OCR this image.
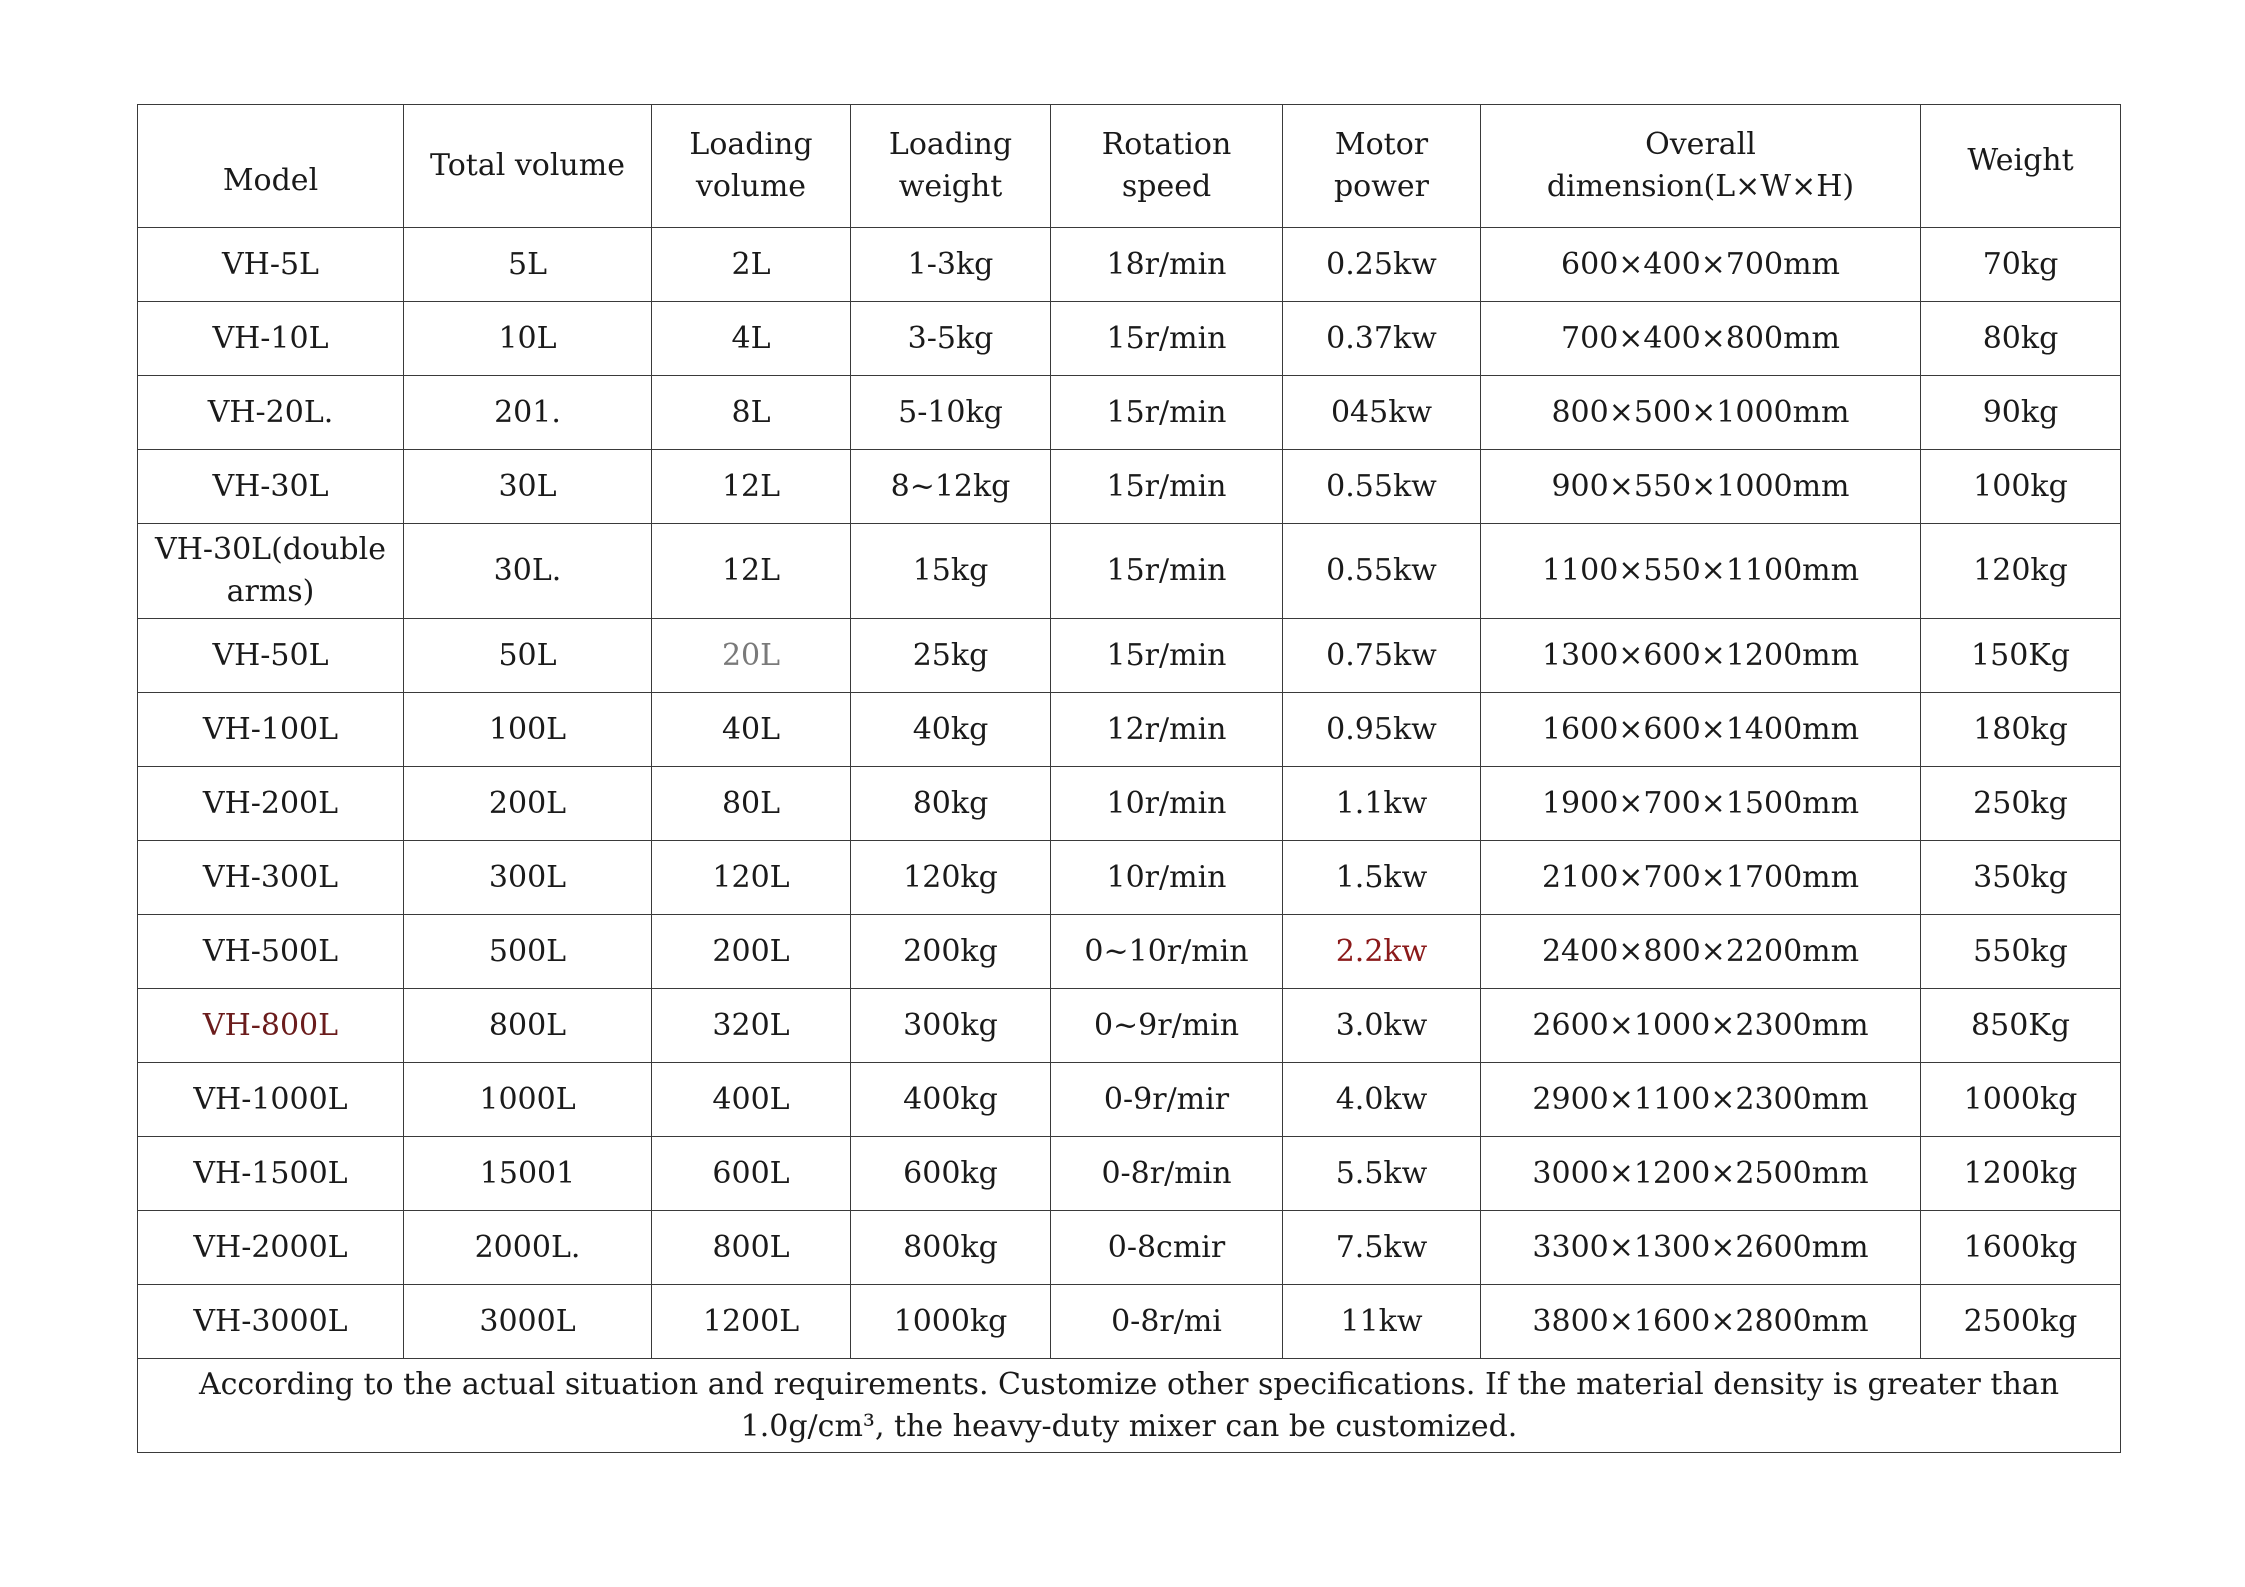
Model	Total volume	Loading volume	Loading weight	Rotation speed	Motor power	Overall dimension(L×W×H)	Weight
VH-5L	5L	2L	1-3kg	18r/min	0.25kw	600×400×700mm	70kg
VH-10L	10L	4L	3-5kg	15r/min	0.37kw	700×400×800mm	80kg
VH-20L.	201.	8L	5-10kg	15r/min	045kw	800×500×1000mm	90kg
VH-30L	30L	12L	8~12kg	15r/min	0.55kw	900×550×1000mm	100kg
VH-30L(double arms)	30L.	12L	15kg	15r/min	0.55kw	1100×550×1100mm	120kg
VH-50L	50L	20L	25kg	15r/min	0.75kw	1300×600×1200mm	150Kg
VH-100L	100L	40L	40kg	12r/min	0.95kw	1600×600×1400mm	180kg
VH-200L	200L	80L	80kg	10r/min	1.1kw	1900×700×1500mm	250kg
VH-300L	300L	120L	120kg	10r/min	1.5kw	2100×700×1700mm	350kg
VH-500L	500L	200L	200kg	0~10r/min	2.2kw	2400×800×2200mm	550kg
VH-800L	800L	320L	300kg	0~9r/min	3.0kw	2600×1000×2300mm	850Kg
VH-1000L	1000L	400L	400kg	0-9r/mir	4.0kw	2900×1100×2300mm	1000kg
VH-1500L	15001	600L	600kg	0-8r/min	5.5kw	3000×1200×2500mm	1200kg
VH-2000L	2000L.	800L	800kg	0-8cmir	7.5kw	3300×1300×2600mm	1600kg
VH-3000L	3000L	1200L	1000kg	0-8r/mi	11kw	3800×1600×2800mm	2500kg
According to the actual situation and requirements. Customize other specifications. If the material density is greater than 1.0g/cm³, the heavy-duty mixer can be customized.							
